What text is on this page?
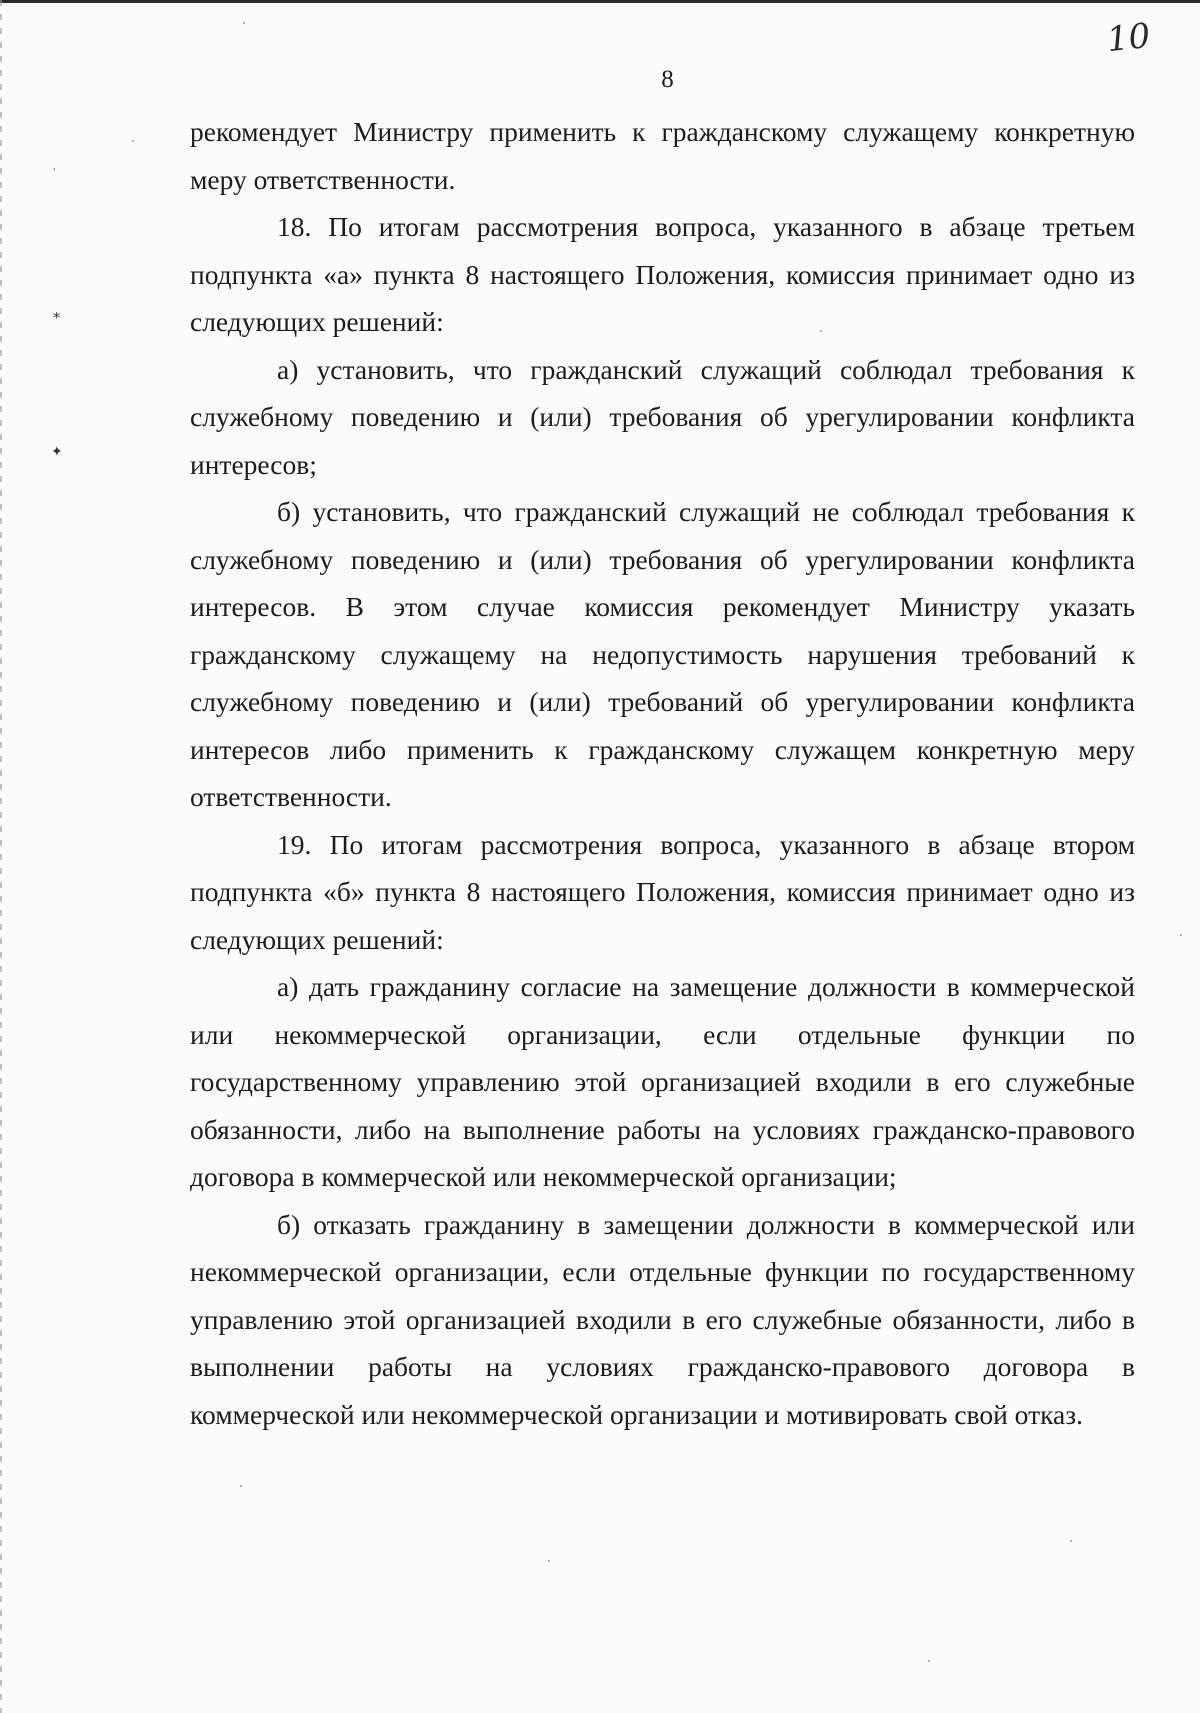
10
8
˒
⁎
✦

рекомендует Министру применить к гражданскому служащему конкретную меру ответственности.

18. По итогам рассмотрения вопроса, указанного в абзаце третьем подпункта «а» пункта 8 настоящего Положения, комиссия принимает одно из следующих решений:

а) установить, что гражданский служащий соблюдал требования к служебному поведению и (или) требования об урегулировании конфликта интересов;

б) установить, что гражданский служащий не соблюдал требования к служебному поведению и (или) требования об урегулировании конфликта интересов. В этом случае комиссия рекомендует Министру указать гражданскому служащему на недопустимость нарушения требований к служебному поведению и (или) требований об урегулировании конфликта интересов либо применить к гражданскому служащем конкретную меру ответственности.

19. По итогам рассмотрения вопроса, указанного в абзаце втором подпункта «б» пункта 8 настоящего Положения, комиссия принимает одно из следующих решений:

а) дать гражданину согласие на замещение должности в коммерческой или некоммерческой организации, если отдельные функции по государственному управлению этой организацией входили в его служебные обязанности, либо на выполнение работы на условиях гражданско-правового договора в коммерческой или некоммерческой организации;

б) отказать гражданину в замещении должности в коммерческой или некоммерческой организации, если отдельные функции по государственному управлению этой организацией входили в его служебные обязанности, либо в выполнении работы на условиях гражданско-правового договора в коммерческой или некоммерческой организации и мотивировать свой отказ.
